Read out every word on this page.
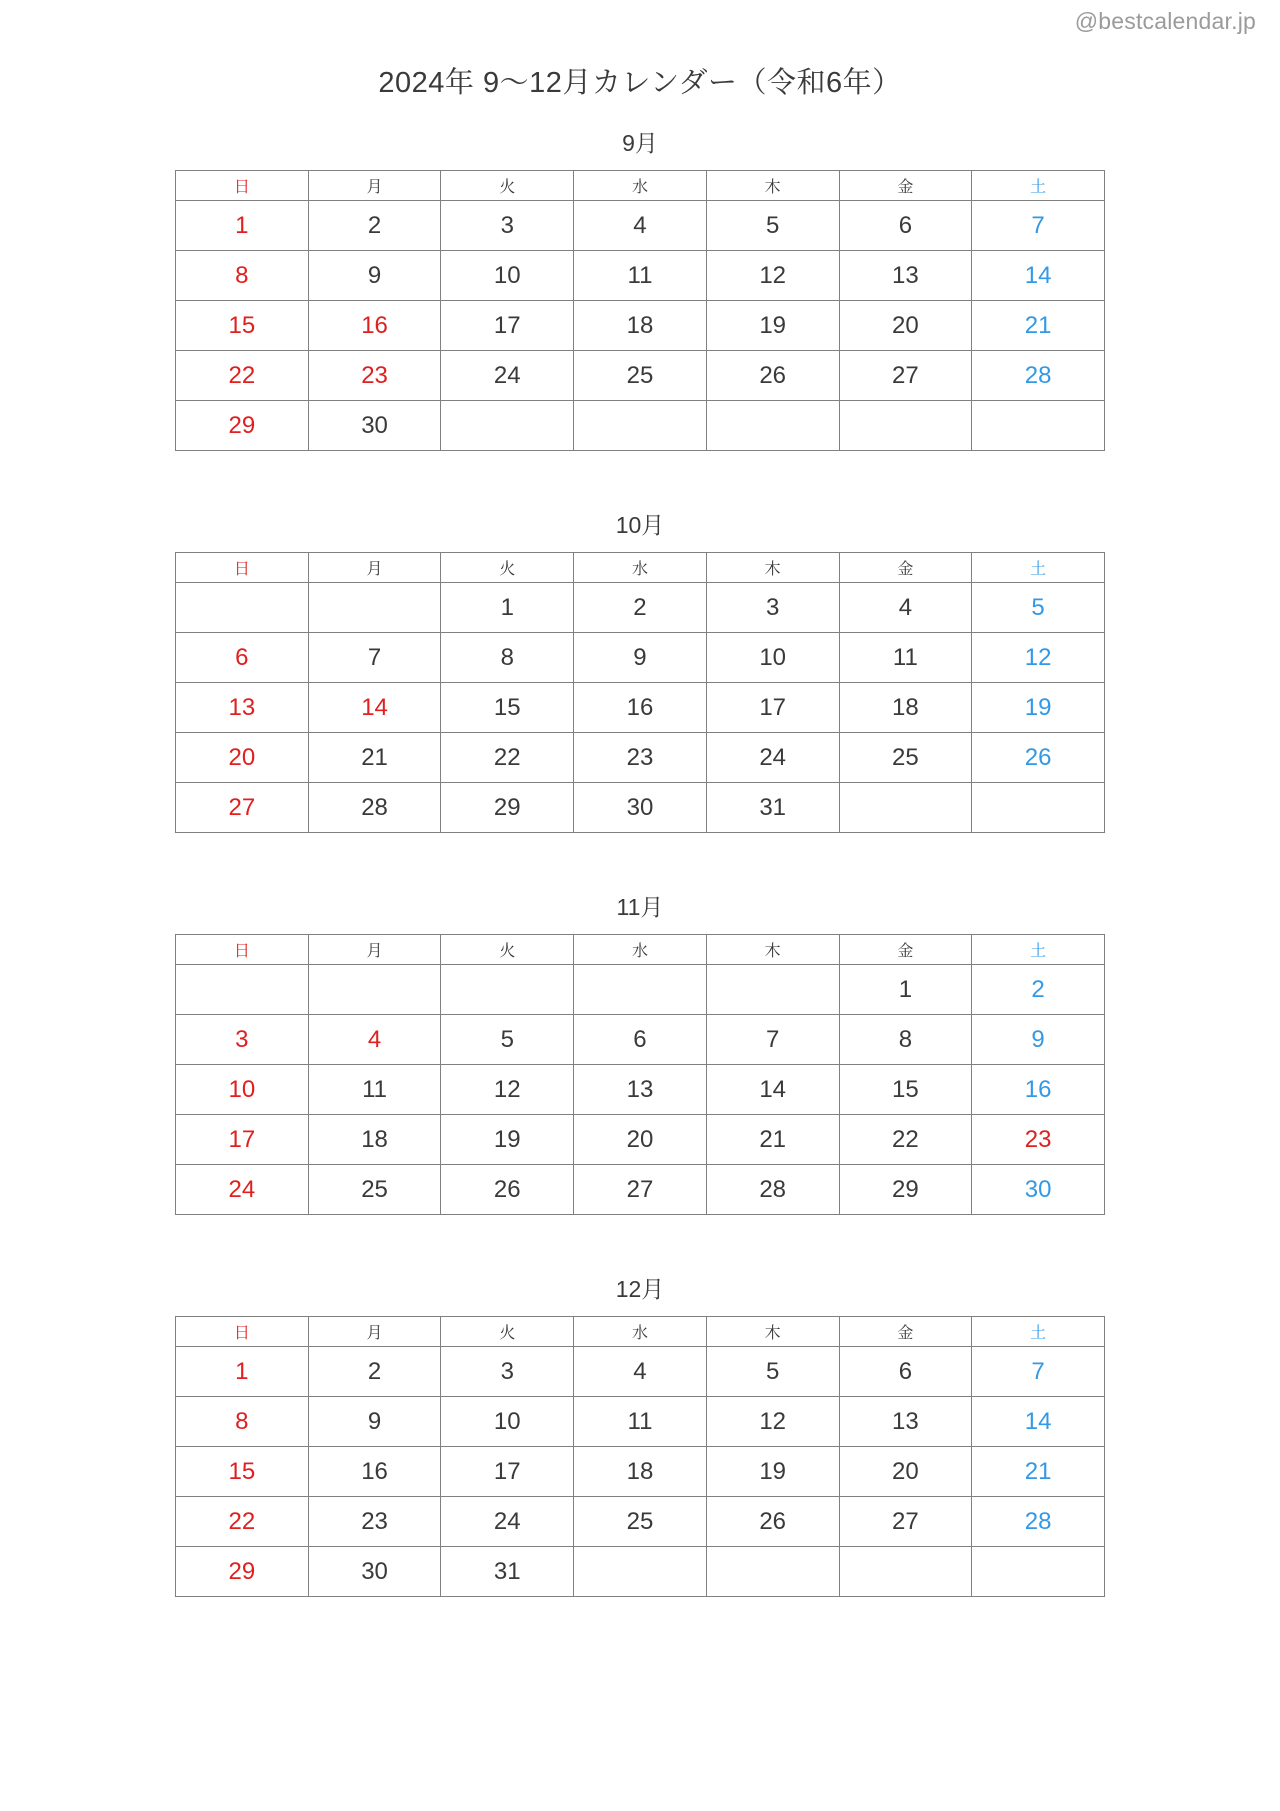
@bestcalendar.jp
2024年 9〜12月カレンダー（令和6年）
9月
日	月	火	水	木	金	土
1	2	3	4	5	6	7
8	9	10	11	12	13	14
15	16	17	18	19	20	21
22	23	24	25	26	27	28
29	30					
10月
日	月	火	水	木	金	土
		1	2	3	4	5
6	7	8	9	10	11	12
13	14	15	16	17	18	19
20	21	22	23	24	25	26
27	28	29	30	31		
11月
日	月	火	水	木	金	土
					1	2
3	4	5	6	7	8	9
10	11	12	13	14	15	16
17	18	19	20	21	22	23
24	25	26	27	28	29	30
12月
日	月	火	水	木	金	土
1	2	3	4	5	6	7
8	9	10	11	12	13	14
15	16	17	18	19	20	21
22	23	24	25	26	27	28
29	30	31				
